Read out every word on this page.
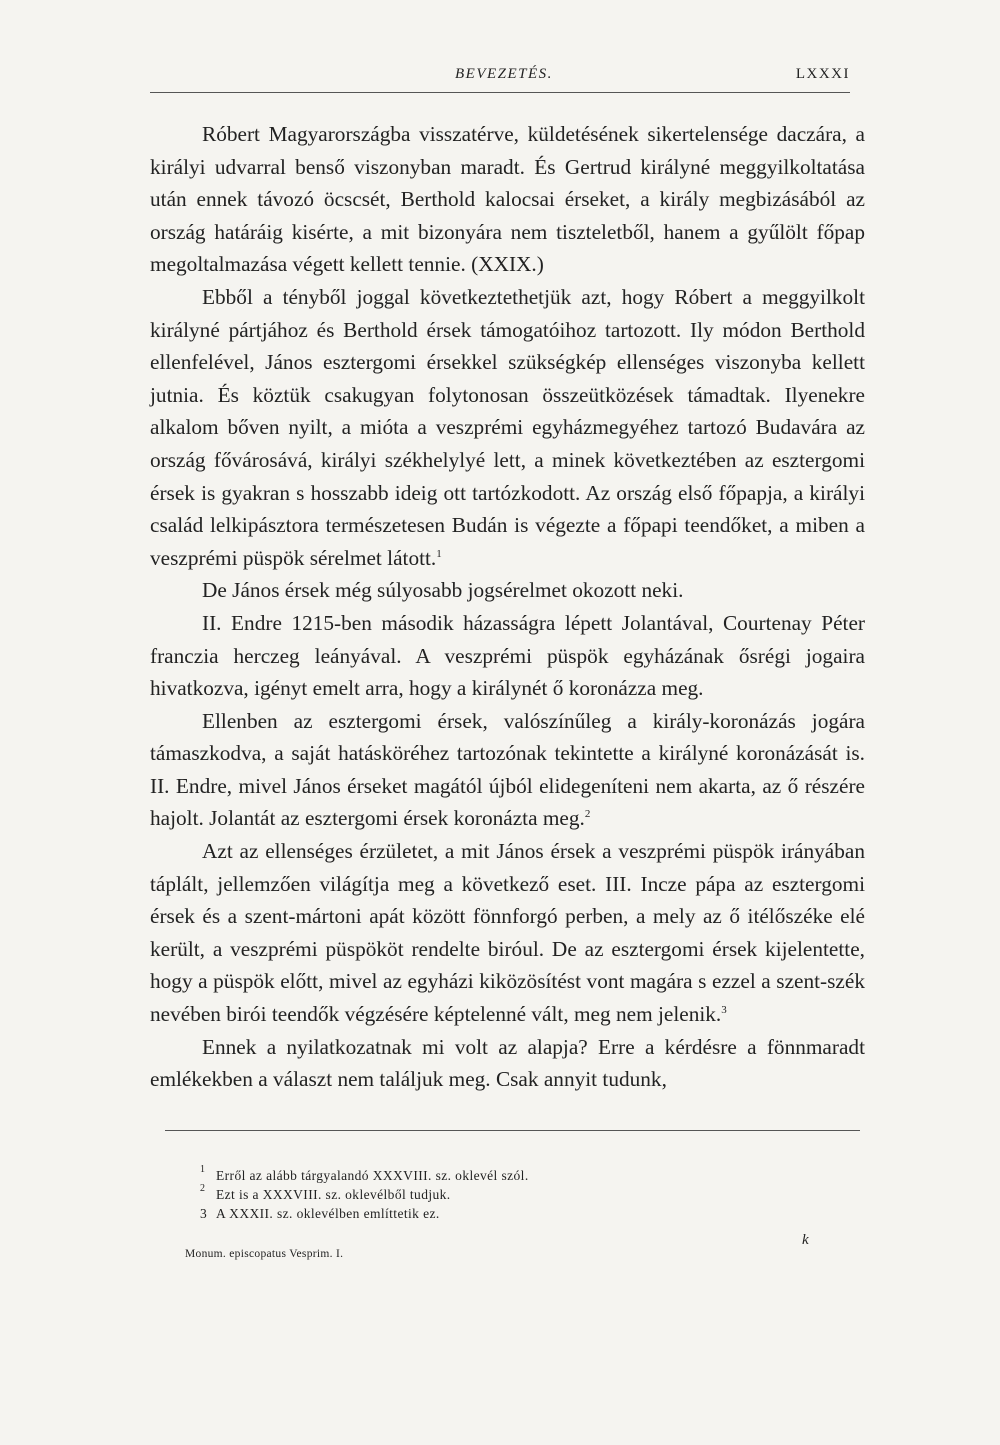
BEVEZETÉS.	LXXXI

Róbert Magyarországba visszatérve, küldetésének sikertelensége daczára, a királyi udvarral benső viszonyban maradt. És Gertrud királyné meggyilkoltatása után ennek távozó öcscsét, Berthold kalocsai érseket, a király megbizásából az ország határáig kisérte, a mit bizonyára nem tiszteletből, hanem a gyűlölt főpap megoltalmazása végett kellett tennie. (XXIX.)

Ebből a tényből joggal következtethetjük azt, hogy Róbert a meggyilkolt királyné pártjához és Berthold érsek támogatóihoz tartozott. Ily módon Berthold ellenfelével, János esztergomi érsekkel szükségkép ellenséges viszonyba kellett jutnia. És köztük csakugyan folytonosan összeütközések támadtak. Ilyenekre alkalom bőven nyilt, a mióta a veszprémi egyházmegyéhez tartozó Budavára az ország fővárosává, királyi székhelylyé lett, a minek következtében az esztergomi érsek is gyakran s hosszabb ideig ott tartózkodott. Az ország első főpapja, a királyi család lelkipásztora természetesen Budán is végezte a főpapi teendőket, a miben a veszprémi püspök sérelmet látott.$^1$

De János érsek még súlyosabb jogsérelmet okozott neki.

II. Endre 1215-ben második házasságra lépett Jolantával, Courtenay Péter franczia herczeg leányával. A veszprémi püspök egyházának ősrégi jogaira hivatkozva, igényt emelt arra, hogy a királynét ő koronázza meg.

Ellenben az esztergomi érsek, valószínűleg a király-koronázás jogára támaszkodva, a saját hatásköréhez tartozónak tekintette a királyné koronázását is. II. Endre, mivel János érseket magától újból elidegeníteni nem akarta, az ő részére hajolt. Jolantát az esztergomi érsek koronázta meg.$^2$

Azt az ellenséges érzületet, a mit János érsek a veszprémi püspök irányában táplált, jellemzően világítja meg a következő eset. III. Incze pápa az esztergomi érsek és a szent-mártoni apát között fönnforgó perben, a mely az ő itélőszéke elé került, a veszprémi püspököt rendelte biróul. De az esztergomi érsek kijelentette, hogy a püspök előtt, mivel az egyházi kiközösítést vont magára s ezzel a szent-szék nevében birói teendők végzésére képtelenné vált, meg nem jelenik.$^3$

Ennek a nyilatkozatnak mi volt az alapja? Erre a kérdésre a fönnmaradt emlékekben a választ nem találjuk meg. Csak annyit tudunk,

$^1$ Erről az alább tárgyalandó XXXVIII. sz. oklevél szól.
$^2$ Ezt is a XXXVIII. sz. oklevélből tudjuk.
3 A XXXII. sz. oklevélben említtetik ez.
Monum. episcopatus Vesprim. I.
k
